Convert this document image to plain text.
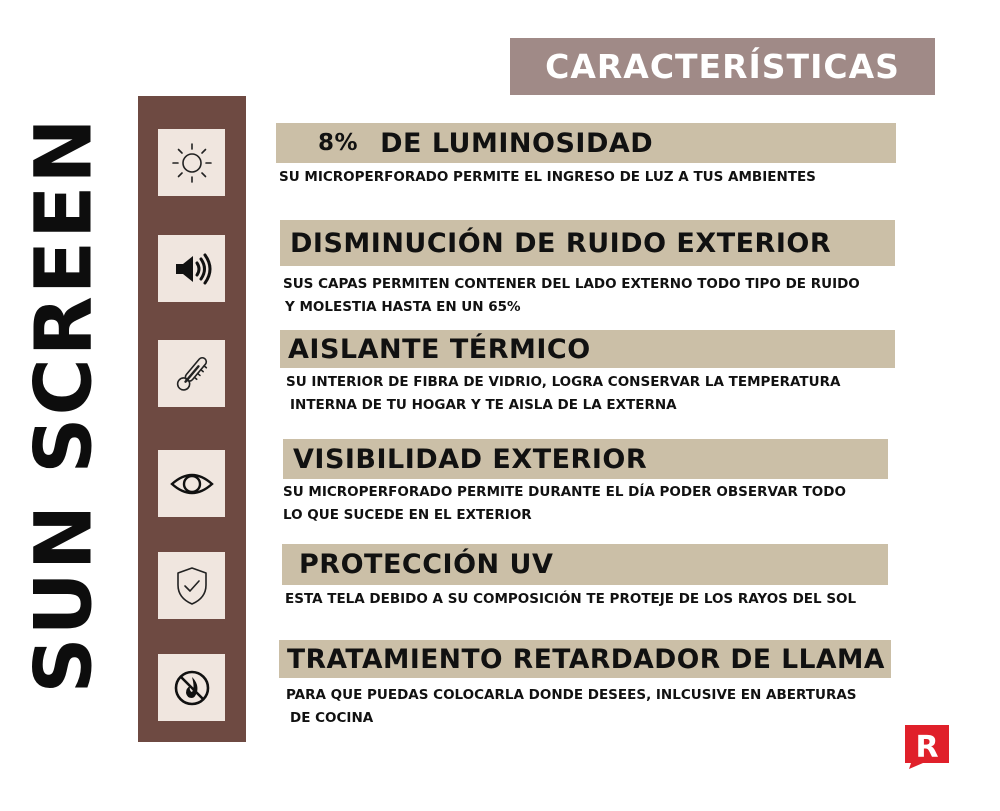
SUN SCREEN
CARACTERÍSTICAS
8% DE LUMINOSIDAD
SU MICROPERFORADO PERMITE EL INGRESO DE LUZ A TUS AMBIENTES
DISMINUCIÓN DE RUIDO EXTERIOR
SUS CAPAS PERMITEN CONTENER DEL LADO EXTERNO TODO TIPO DE RUIDO
Y MOLESTIA HASTA EN UN 65%
AISLANTE TÉRMICO
SU INTERIOR DE FIBRA DE VIDRIO, LOGRA CONSERVAR LA TEMPERATURA
INTERNA DE TU HOGAR Y TE AISLA DE LA EXTERNA
VISIBILIDAD EXTERIOR
SU MICROPERFORADO PERMITE DURANTE EL DÍA PODER OBSERVAR TODO
LO QUE SUCEDE EN EL EXTERIOR
PROTECCIÓN UV
ESTA TELA DEBIDO A SU COMPOSICIÓN TE PROTEJE DE LOS RAYOS DEL SOL
TRATAMIENTO RETARDADOR DE LLAMA
PARA QUE PUEDAS COLOCARLA DONDE DESEES, INLCUSIVE EN ABERTURAS
DE COCINA
R
